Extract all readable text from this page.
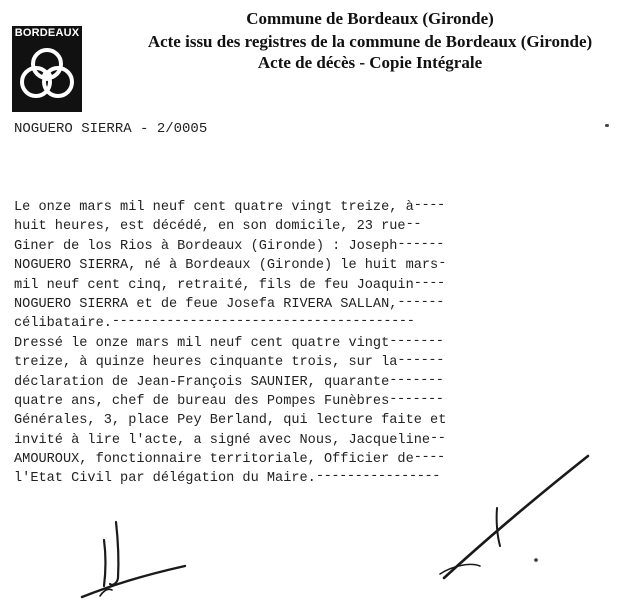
BORDEAUX
Commune de Bordeaux (Gironde)
Acte issu des registres de la commune de Bordeaux (Gironde)
Acte de décès - Copie Intégrale
NOGUERO SIERRA - 2/0005
Le onze mars mil neuf cent quatre vingt treize, à----
huit heures, est décédé, en son domicile, 23 rue--
Giner de los Rios à Bordeaux (Gironde) : Joseph------
NOGUERO SIERRA, né à Bordeaux (Gironde) le huit mars-
mil neuf cent cinq, retraité, fils de feu Joaquin----
NOGUERO SIERRA et de feue Josefa RIVERA SALLAN,------
célibataire.---------------------------------------
Dressé le onze mars mil neuf cent quatre vingt-------
treize, à quinze heures cinquante trois, sur la------
déclaration de Jean-François SAUNIER, quarante-------
quatre ans, chef de bureau des Pompes Funèbres-------
Générales, 3, place Pey Berland, qui lecture faite et
invité à lire l'acte, a signé avec Nous, Jacqueline--
AMOUROUX, fonctionnaire territoriale, Officier de----
l'Etat Civil par délégation du Maire.----------------
